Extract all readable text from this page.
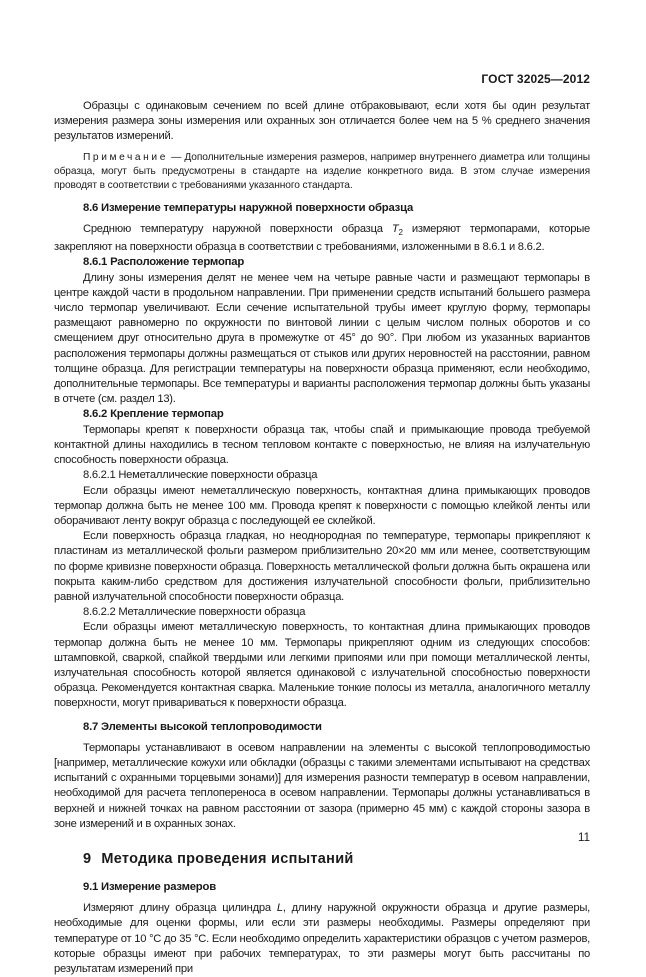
ГОСТ 32025—2012

Образцы с одинаковым сечением по всей длине отбраковывают, если хотя бы один результат измерения размера зоны измерения или охранных зон отличается более чем на 5 % среднего значения результатов измерений.

Примечание — Дополнительные измерения размеров, например внутреннего диаметра или толщины образца, могут быть предусмотрены в стандарте на изделие конкретного вида. В этом случае измерения проводят в соответствии с требованиями указанного стандарта.

8.6 Измерение температуры наружной поверхности образца

Среднюю температуру наружной поверхности образца $T_2$ измеряют термопарами, которые закрепляют на поверхности образца в соответствии с требованиями, изложенными в 8.6.1 и 8.6.2.

8.6.1 Расположение термопар

Длину зоны измерения делят не менее чем на четыре равные части и размещают термопары в центре каждой части в продольном направлении. При применении средств испытаний большего размера число термопар увеличивают. Если сечение испытательной трубы имеет круглую форму, термопары размещают равномерно по окружности по винтовой линии с целым числом полных оборотов и со смещением друг относительно друга в промежутке от 45° до 90°. При любом из указанных вариантов расположения термопары должны размещаться от стыков или других неровностей на расстоянии, равном толщине образца. Для регистрации температуры на поверхности образца применяют, если необходимо, дополнительные термопары. Все температуры и варианты расположения термопар должны быть указаны в отчете (см. раздел 13).

8.6.2 Крепление термопар

Термопары крепят к поверхности образца так, чтобы спай и примыкающие провода требуемой контактной длины находились в тесном тепловом контакте с поверхностью, не влияя на излучательную способность поверхности образца.

8.6.2.1 Неметаллические поверхности образца

Если образцы имеют неметаллическую поверхность, контактная длина примыкающих проводов термопар должна быть не менее 100 мм. Провода крепят к поверхности с помощью клейкой ленты или оборачивают ленту вокруг образца с последующей ее склейкой.

Если поверхность образца гладкая, но неоднородная по температуре, термопары прикрепляют к пластинам из металлической фольги размером приблизительно 20×20 мм или менее, соответствующим по форме кривизне поверхности образца. Поверхность металлической фольги должна быть окрашена или покрыта каким-либо средством для достижения излучательной способности фольги, приблизительно равной излучательной способности поверхности образца.

8.6.2.2 Металлические поверхности образца

Если образцы имеют металлическую поверхность, то контактная длина примыкающих проводов термопар должна быть не менее 10 мм. Термопары прикрепляют одним из следующих способов: штамповкой, сваркой, спайкой твердыми или легкими припоями или при помощи металлической ленты, излучательная способность которой является одинаковой с излучательной способностью поверхности образца. Рекомендуется контактная сварка. Маленькие тонкие полосы из металла, аналогичного металлу поверхности, могут привариваться к поверхности образца.

8.7 Элементы высокой теплопроводимости

Термопары устанавливают в осевом направлении на элементы с высокой теплопроводимостью [например, металлические кожухи или обкладки (образцы с такими элементами испытывают на средствах испытаний с охранными торцевыми зонами)] для измерения разности температур в осевом направлении, необходимой для расчета теплопереноса в осевом направлении. Термопары должны устанавливаться в верхней и нижней точках на равном расстоянии от зазора (примерно 45 мм) с каждой стороны зазора в зоне измерений и в охранных зонах.

9 Методика проведения испытаний

9.1 Измерение размеров

Измеряют длину образца цилиндра L, длину наружной окружности образца и другие размеры, необходимые для оценки формы, или если эти размеры необходимы. Размеры определяют при температуре от 10 °С до 35 °С. Если необходимо определить характеристики образцов с учетом размеров, которые образцы имеют при рабочих температурах, то эти размеры могут быть рассчитаны по результатам измерений при

11
